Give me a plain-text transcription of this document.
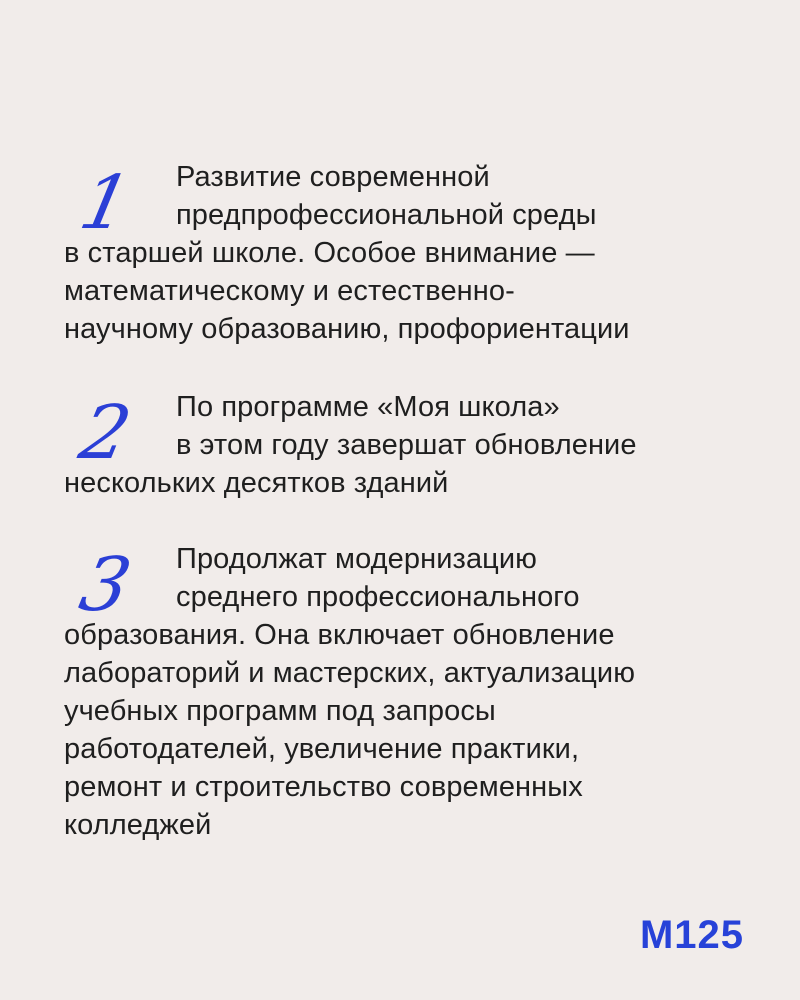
1	Развитие современной
предпрофессиональной среды
в старшей школе. Особое внимание —
математическому и естественно-
научному образованию, профориентации
2	По программе «Моя школа»
в этом году завершат обновление
нескольких десятков зданий
3	Продолжат модернизацию
среднего профессионального
образования. Она включает обновление
лабораторий и мастерских, актуализацию
учебных программ под запросы
работодателей, увеличение практики,
ремонт и строительство современных
колледжей
М125
